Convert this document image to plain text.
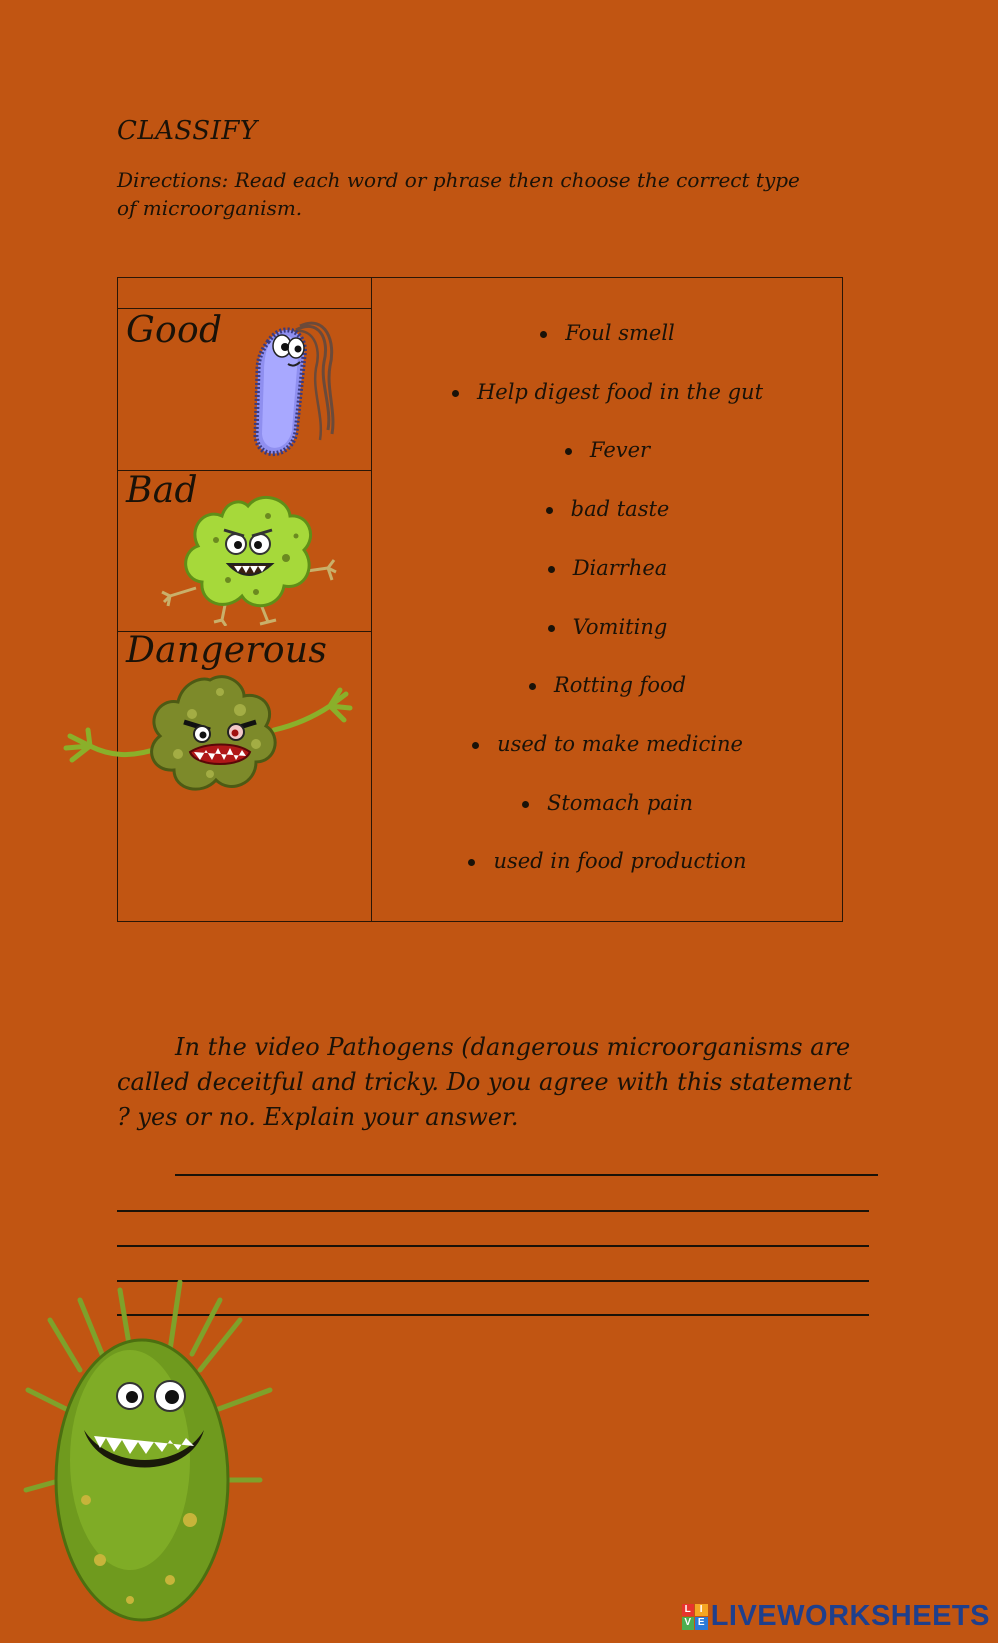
CLASSIFY
Directions: Read each word or phrase then choose the correct type of microorganism.
Good
Bad
Dangerous
Foul smell
Help digest food in the gut
Fever
bad taste
Diarrhea
Vomiting
Rotting food
used to make medicine
Stomach pain
used in food production
In the video Pathogens (dangerous microorganisms are called deceitful and tricky. Do you agree with this statement ? yes or no. Explain your answer.
L I
V E LIVEWORKSHEETS
